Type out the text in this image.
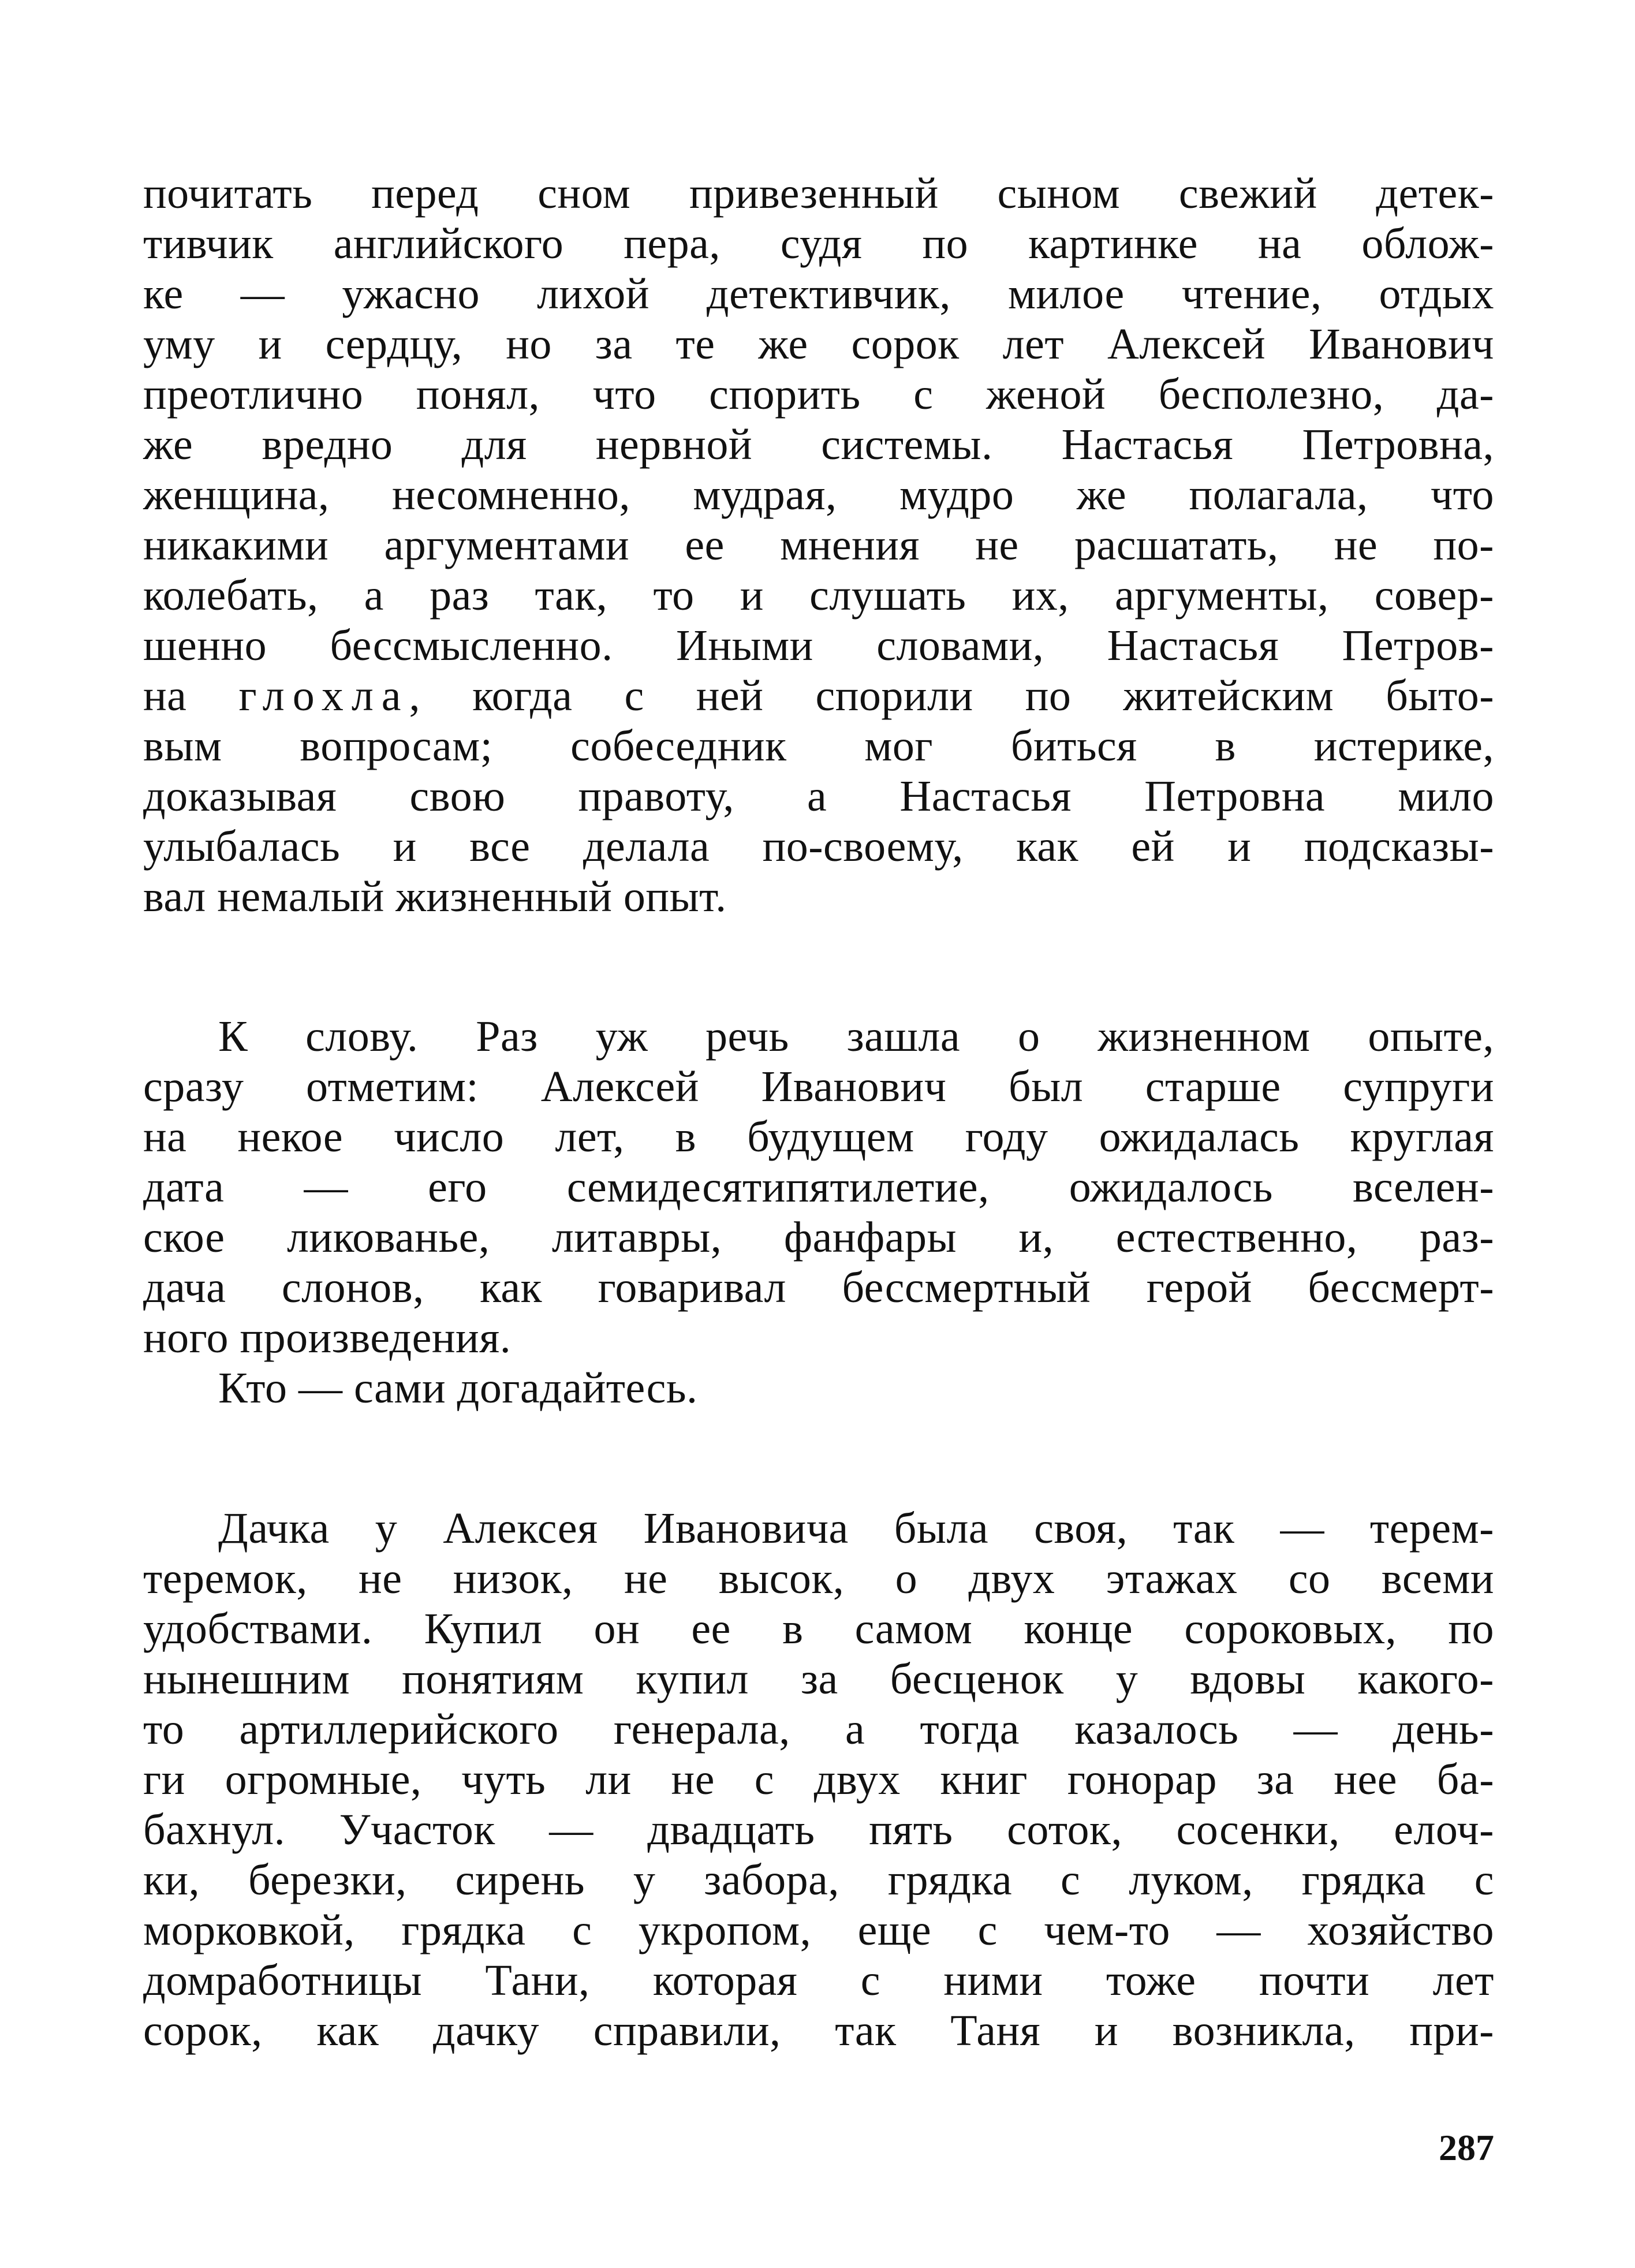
почитать перед сном привезенный сыном свежий детек-
тивчик английского пера, судя по картинке на облож-
ке — ужасно лихой детективчик, милое чтение, отдых
уму и сердцу, но за те же сорок лет Алексей Иванович
преотлично понял, что спорить с женой бесполезно, да-
же вредно для нервной системы. Настасья Петровна,
женщина, несомненно, мудрая, мудро же полагала, что
никакими аргументами ее мнения не расшатать, не по-
колебать, а раз так, то и слушать их, аргументы, совер-
шенно бессмысленно. Иными словами, Настасья Петров-
на глохла, когда с ней спорили по житейским быто-
вым вопросам; собеседник мог биться в истерике,
доказывая свою правоту, а Настасья Петровна мило
улыбалась и все делала по-своему, как ей и подсказы-
вал немалый жизненный опыт.
К слову. Раз уж речь зашла о жизненном опыте,
сразу отметим: Алексей Иванович был старше супруги
на некое число лет, в будущем году ожидалась круглая
дата — его семидесятипятилетие, ожидалось вселен-
ское ликованье, литавры, фанфары и, естественно, раз-
дача слонов, как говаривал бессмертный герой бессмерт-
ного произведения.
Кто — сами догадайтесь.
Дачка у Алексея Ивановича была своя, так — терем-
теремок, не низок, не высок, о двух этажах со всеми
удобствами. Купил он ее в самом конце сороковых, по
нынешним понятиям купил за бесценок у вдовы какого-
то артиллерийского генерала, а тогда казалось — день-
ги огромные, чуть ли не с двух книг гонорар за нее ба-
бахнул. Участок — двадцать пять соток, сосенки, елоч-
ки, березки, сирень у забора, грядка с луком, грядка с
морковкой, грядка с укропом, еще с чем-то — хозяйство
домработницы Тани, которая с ними тоже почти лет
сорок, как дачку справили, так Таня и возникла, при-
287
